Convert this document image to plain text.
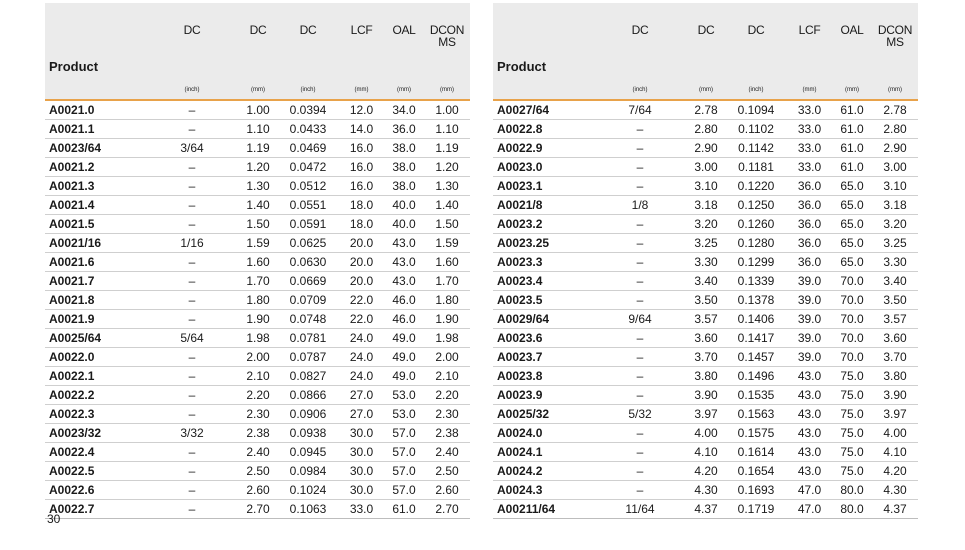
Product	DC	DC	DC	LCF	OAL	DCON MS
	(inch)	(mm)	(inch)	(mm)	(mm)	(mm)
A0021.0	–	1.00	0.0394	12.0	34.0	1.00
A0021.1	–	1.10	0.0433	14.0	36.0	1.10
A0023/64	3/64	1.19	0.0469	16.0	38.0	1.19
A0021.2	–	1.20	0.0472	16.0	38.0	1.20
A0021.3	–	1.30	0.0512	16.0	38.0	1.30
A0021.4	–	1.40	0.0551	18.0	40.0	1.40
A0021.5	–	1.50	0.0591	18.0	40.0	1.50
A0021/16	1/16	1.59	0.0625	20.0	43.0	1.59
A0021.6	–	1.60	0.0630	20.0	43.0	1.60
A0021.7	–	1.70	0.0669	20.0	43.0	1.70
A0021.8	–	1.80	0.0709	22.0	46.0	1.80
A0021.9	–	1.90	0.0748	22.0	46.0	1.90
A0025/64	5/64	1.98	0.0781	24.0	49.0	1.98
A0022.0	–	2.00	0.0787	24.0	49.0	2.00
A0022.1	–	2.10	0.0827	24.0	49.0	2.10
A0022.2	–	2.20	0.0866	27.0	53.0	2.20
A0022.3	–	2.30	0.0906	27.0	53.0	2.30
A0023/32	3/32	2.38	0.0938	30.0	57.0	2.38
A0022.4	–	2.40	0.0945	30.0	57.0	2.40
A0022.5	–	2.50	0.0984	30.0	57.0	2.50
A0022.6	–	2.60	0.1024	30.0	57.0	2.60
A0022.7	–	2.70	0.1063	33.0	61.0	2.70
Product	DC	DC	DC	LCF	OAL	DCON MS
	(inch)	(mm)	(inch)	(mm)	(mm)	(mm)
A0027/64	7/64	2.78	0.1094	33.0	61.0	2.78
A0022.8	–	2.80	0.1102	33.0	61.0	2.80
A0022.9	–	2.90	0.1142	33.0	61.0	2.90
A0023.0	–	3.00	0.1181	33.0	61.0	3.00
A0023.1	–	3.10	0.1220	36.0	65.0	3.10
A0021/8	1/8	3.18	0.1250	36.0	65.0	3.18
A0023.2	–	3.20	0.1260	36.0	65.0	3.20
A0023.25	–	3.25	0.1280	36.0	65.0	3.25
A0023.3	–	3.30	0.1299	36.0	65.0	3.30
A0023.4	–	3.40	0.1339	39.0	70.0	3.40
A0023.5	–	3.50	0.1378	39.0	70.0	3.50
A0029/64	9/64	3.57	0.1406	39.0	70.0	3.57
A0023.6	–	3.60	0.1417	39.0	70.0	3.60
A0023.7	–	3.70	0.1457	39.0	70.0	3.70
A0023.8	–	3.80	0.1496	43.0	75.0	3.80
A0023.9	–	3.90	0.1535	43.0	75.0	3.90
A0025/32	5/32	3.97	0.1563	43.0	75.0	3.97
A0024.0	–	4.00	0.1575	43.0	75.0	4.00
A0024.1	–	4.10	0.1614	43.0	75.0	4.10
A0024.2	–	4.20	0.1654	43.0	75.0	4.20
A0024.3	–	4.30	0.1693	47.0	80.0	4.30
A00211/64	11/64	4.37	0.1719	47.0	80.0	4.37
30
